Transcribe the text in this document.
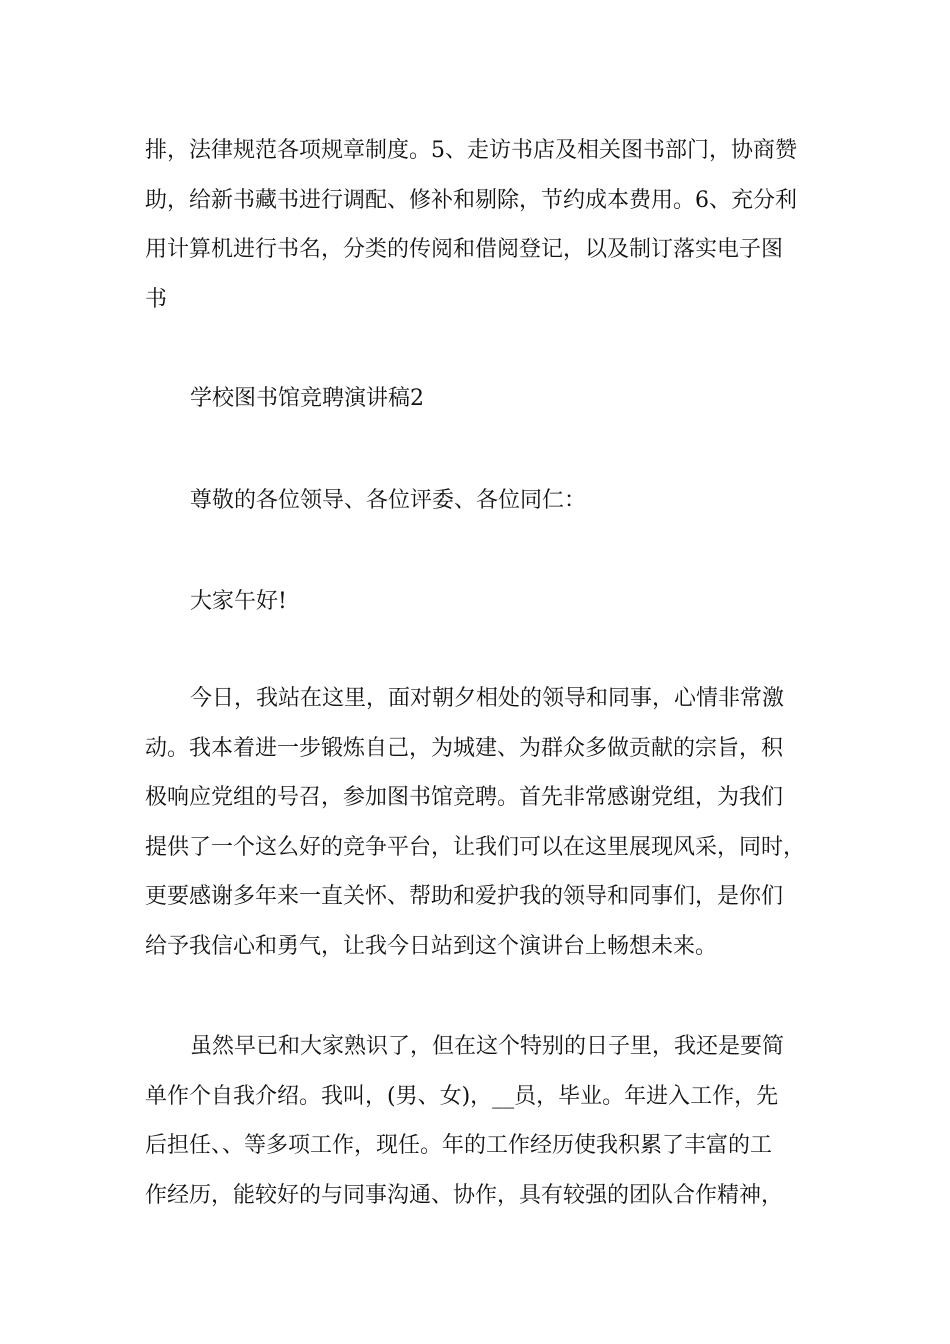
排，法律规范各项规章制度。5、走访书店及相关图书部门，协商赞
助，给新书藏书进行调配、修补和剔除，节约成本费用。6、充分利
用计算机进行书名，分类的传阅和借阅登记，以及制订落实电子图
书
学校图书馆竞聘演讲稿2
尊敬的各位领导、各位评委、各位同仁：
大家午好!
今日，我站在这里，面对朝夕相处的领导和同事，心情非常激
动。我本着进一步锻炼自己，为城建、为群众多做贡献的宗旨，积
极响应党组的号召，参加图书馆竞聘。首先非常感谢党组，为我们
提供了一个这么好的竞争平台，让我们可以在这里展现风采，同时，
更要感谢多年来一直关怀、帮助和爱护我的领导和同事们，是你们
给予我信心和勇气，让我今日站到这个演讲台上畅想未来。
虽然早已和大家熟识了，但在这个特别的日子里，我还是要简
单作个自我介绍。我叫，(男、女)，__员，毕业。年进入工作，先
后担任、、等多项工作，现任。年的工作经历使我积累了丰富的工
作经历，能较好的与同事沟通、协作，具有较强的团队合作精神，
